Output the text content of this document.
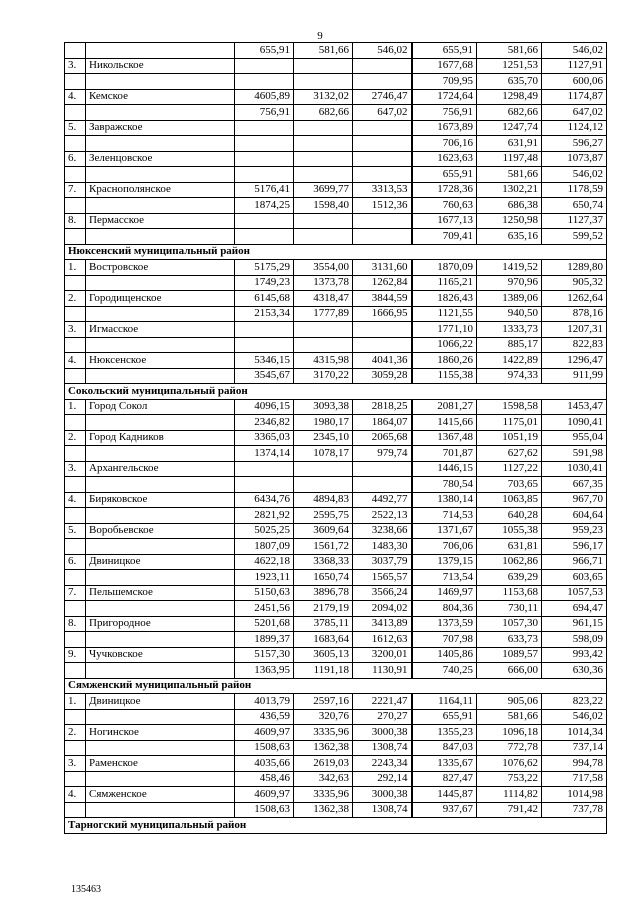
9
		655,91	581,66	546,02	655,91	581,66	546,02
3.	Никольское				1677,68	1251,53	1127,91
					709,95	635,70	600,06
4.	Кемское	4605,89	3132,02	2746,47	1724,64	1298,49	1174,87
		756,91	682,66	647,02	756,91	682,66	647,02
5.	Завражское				1673,89	1247,74	1124,12
					706,16	631,91	596,27
6.	Зеленцовское				1623,63	1197,48	1073,87
					655,91	581,66	546,02
7.	Краснополянское	5176,41	3699,77	3313,53	1728,36	1302,21	1178,59
		1874,25	1598,40	1512,36	760,63	686,38	650,74
8.	Пермасское				1677,13	1250,98	1127,37
					709,41	635,16	599,52
Нюксенский муниципальный район							
1.	Востровское	5175,29	3554,00	3131,60	1870,09	1419,52	1289,80
		1749,23	1373,78	1262,84	1165,21	970,96	905,32
2.	Городищенское	6145,68	4318,47	3844,59	1826,43	1389,06	1262,64
		2153,34	1777,89	1666,95	1121,55	940,50	878,16
3.	Игмасское				1771,10	1333,73	1207,31
					1066,22	885,17	822,83
4.	Нюксенское	5346,15	4315,98	4041,36	1860,26	1422,89	1296,47
		3545,67	3170,22	3059,28	1155,38	974,33	911,99
Сокольский муниципальный район							
1.	Город Сокол	4096,15	3093,38	2818,25	2081,27	1598,58	1453,47
		2346,82	1980,17	1864,07	1415,66	1175,01	1090,41
2.	Город Кадников	3365,03	2345,10	2065,68	1367,48	1051,19	955,04
		1374,14	1078,17	979,74	701,87	627,62	591,98
3.	Архангельское				1446,15	1127,22	1030,41
					780,54	703,65	667,35
4.	Биряковское	6434,76	4894,83	4492,77	1380,14	1063,85	967,70
		2821,92	2595,75	2522,13	714,53	640,28	604,64
5.	Воробьевское	5025,25	3609,64	3238,66	1371,67	1055,38	959,23
		1807,09	1561,72	1483,30	706,06	631,81	596,17
6.	Двиницкое	4622,18	3368,33	3037,79	1379,15	1062,86	966,71
		1923,11	1650,74	1565,57	713,54	639,29	603,65
7.	Пельшемское	5150,63	3896,78	3566,24	1469,97	1153,68	1057,53
		2451,56	2179,19	2094,02	804,36	730,11	694,47
8.	Пригородное	5201,68	3785,11	3413,89	1373,59	1057,30	961,15
		1899,37	1683,64	1612,63	707,98	633,73	598,09
9.	Чучковское	5157,30	3605,13	3200,01	1405,86	1089,57	993,42
		1363,95	1191,18	1130,91	740,25	666,00	630,36
Сямженский муниципальный район							
1.	Двиницкое	4013,79	2597,16	2221,47	1164,11	905,06	823,22
		436,59	320,76	270,27	655,91	581,66	546,02
2.	Ногинское	4609,97	3335,96	3000,38	1355,23	1096,18	1014,34
		1508,63	1362,38	1308,74	847,03	772,78	737,14
3.	Раменское	4035,66	2619,03	2243,34	1335,67	1076,62	994,78
		458,46	342,63	292,14	827,47	753,22	717,58
4.	Сямженское	4609,97	3335,96	3000,38	1445,87	1114,82	1014,98
		1508,63	1362,38	1308,74	937,67	791,42	737,78
Тарногский муниципальный район							
135463
